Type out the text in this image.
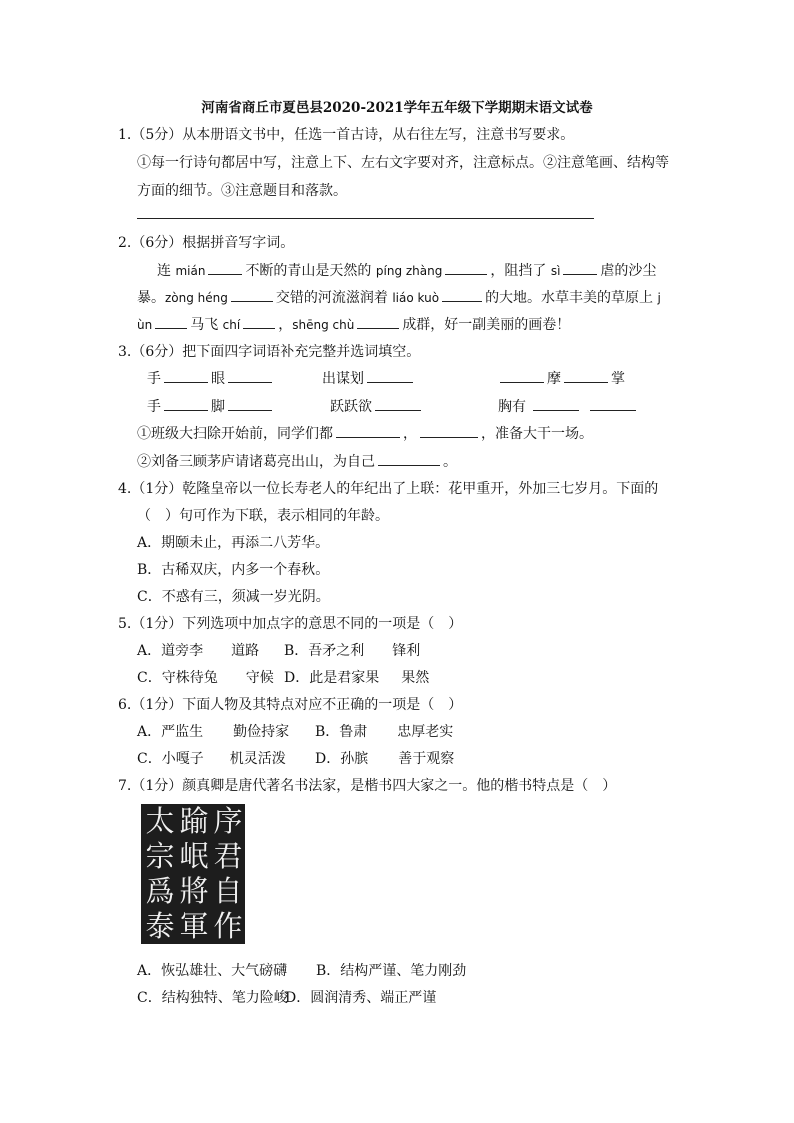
河南省商丘市夏邑县2020-2021学年五年级下学期期末语文试卷
1.（5分）从本册语文书中，任选一首古诗，从右往左写，注意书写要求。
①每一行诗句都居中写，注意上下、左右文字要对齐，注意标点。②注意笔画、结构等
方面的细节。③注意题目和落款。
2.（6分）根据拼音写字词。
连 mián	不断的青山是天然的 píng zhàng	，阻挡了 sì	虐的沙尘
暴。zòng héng	交错的河流滋润着 liáo kuò	的大地。水草丰美的草原上 j
ùn	马飞 chí	，shēng chù	成群，好一副美丽的画卷！
3.（6分）把下面四字词语补充完整并选词填空。
手	眼	出谋划	摩	掌
手	脚	跃跃欲	胸有
①班级大扫除开始前，同学们都	，	，准备大干一场。
②刘备三顾茅庐请诸葛亮出山，为自己	。
4.（1分）乾隆皇帝以一位长寿老人的年纪出了上联：花甲重开，外加三七岁月。下面的
（　）句可作为下联，表示相同的年龄。
A．期颐未止，再添二八芳华。
B．古稀双庆，内多一个春秋。
C．不惑有三，须减一岁光阴。
5.（1分）下列选项中加点字的意思不同的一项是（　）
A．道旁李 道路 B．吾矛之利 锋利
C．守株待兔 守候 D．此是君家果 果然
6.（1分）下面人物及其特点对应不正确的一项是（　）
A．严监生 勤俭持家 B．鲁肃 忠厚老实
C．小嘎子 机灵活泼 D．孙膑 善于观察
7.（1分）颜真卿是唐代著名书法家，是楷书四大家之一。他的楷书特点是（　）
序
君
自
作
踰
岷
將
軍
太
宗
爲
泰
A．恢弘雄壮、大气磅礴 B．结构严谨、笔力刚劲
C．结构独特、笔力险峻
D．圆润清秀、端正严谨
